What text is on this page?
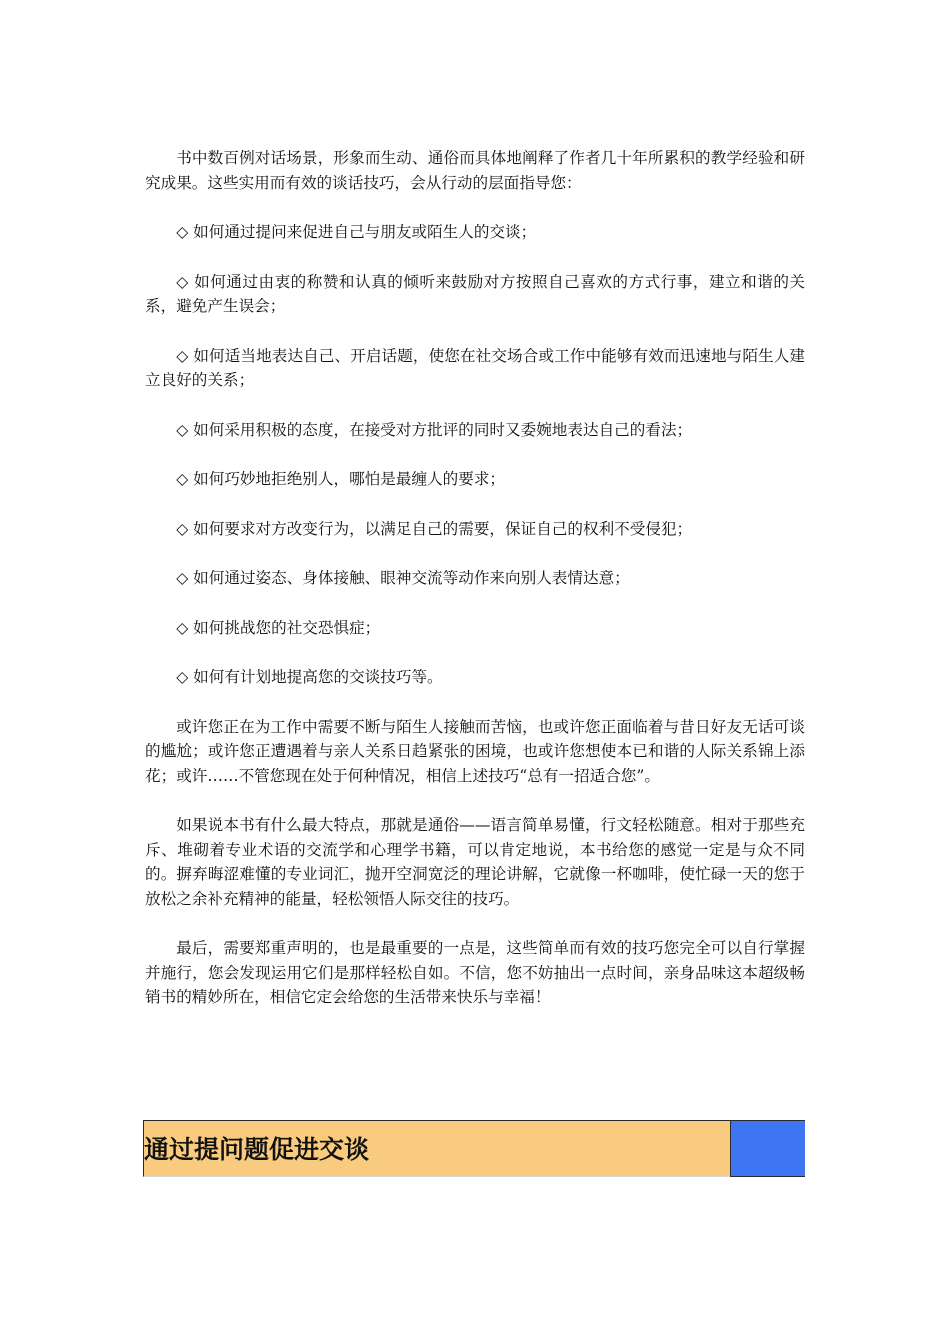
书中数百例对话场景，形象而生动、通俗而具体地阐释了作者几十年所累积的教学经验和研究成果。这些实用而有效的谈话技巧，会从行动的层面指导您：

◇ 如何通过提问来促进自己与朋友或陌生人的交谈；

◇ 如何通过由衷的称赞和认真的倾听来鼓励对方按照自己喜欢的方式行事，建立和谐的关系，避免产生误会；

◇ 如何适当地表达自己、开启话题，使您在社交场合或工作中能够有效而迅速地与陌生人建立良好的关系；

◇ 如何采用积极的态度，在接受对方批评的同时又委婉地表达自己的看法；

◇ 如何巧妙地拒绝别人，哪怕是最缠人的要求；

◇ 如何要求对方改变行为，以满足自己的需要，保证自己的权利不受侵犯；

◇ 如何通过姿态、身体接触、眼神交流等动作来向别人表情达意；

◇ 如何挑战您的社交恐惧症；

◇ 如何有计划地提高您的交谈技巧等。

或许您正在为工作中需要不断与陌生人接触而苦恼，也或许您正面临着与昔日好友无话可谈的尴尬；或许您正遭遇着与亲人关系日趋紧张的困境，也或许您想使本已和谐的人际关系锦上添花；或许……不管您现在处于何种情况，相信上述技巧“总有一招适合您”。

如果说本书有什么最大特点，那就是通俗——语言简单易懂，行文轻松随意。相对于那些充斥、堆砌着专业术语的交流学和心理学书籍，可以肯定地说，本书给您的感觉一定是与众不同的。摒弃晦涩难懂的专业词汇，抛开空洞宽泛的理论讲解，它就像一杯咖啡，使忙碌一天的您于放松之余补充精神的能量，轻松领悟人际交往的技巧。

最后，需要郑重声明的，也是最重要的一点是，这些简单而有效的技巧您完全可以自行掌握并施行，您会发现运用它们是那样轻松自如。不信，您不妨抽出一点时间，亲身品味这本超级畅销书的精妙所在，相信它定会给您的生活带来快乐与幸福！

通过提问题促进交谈
